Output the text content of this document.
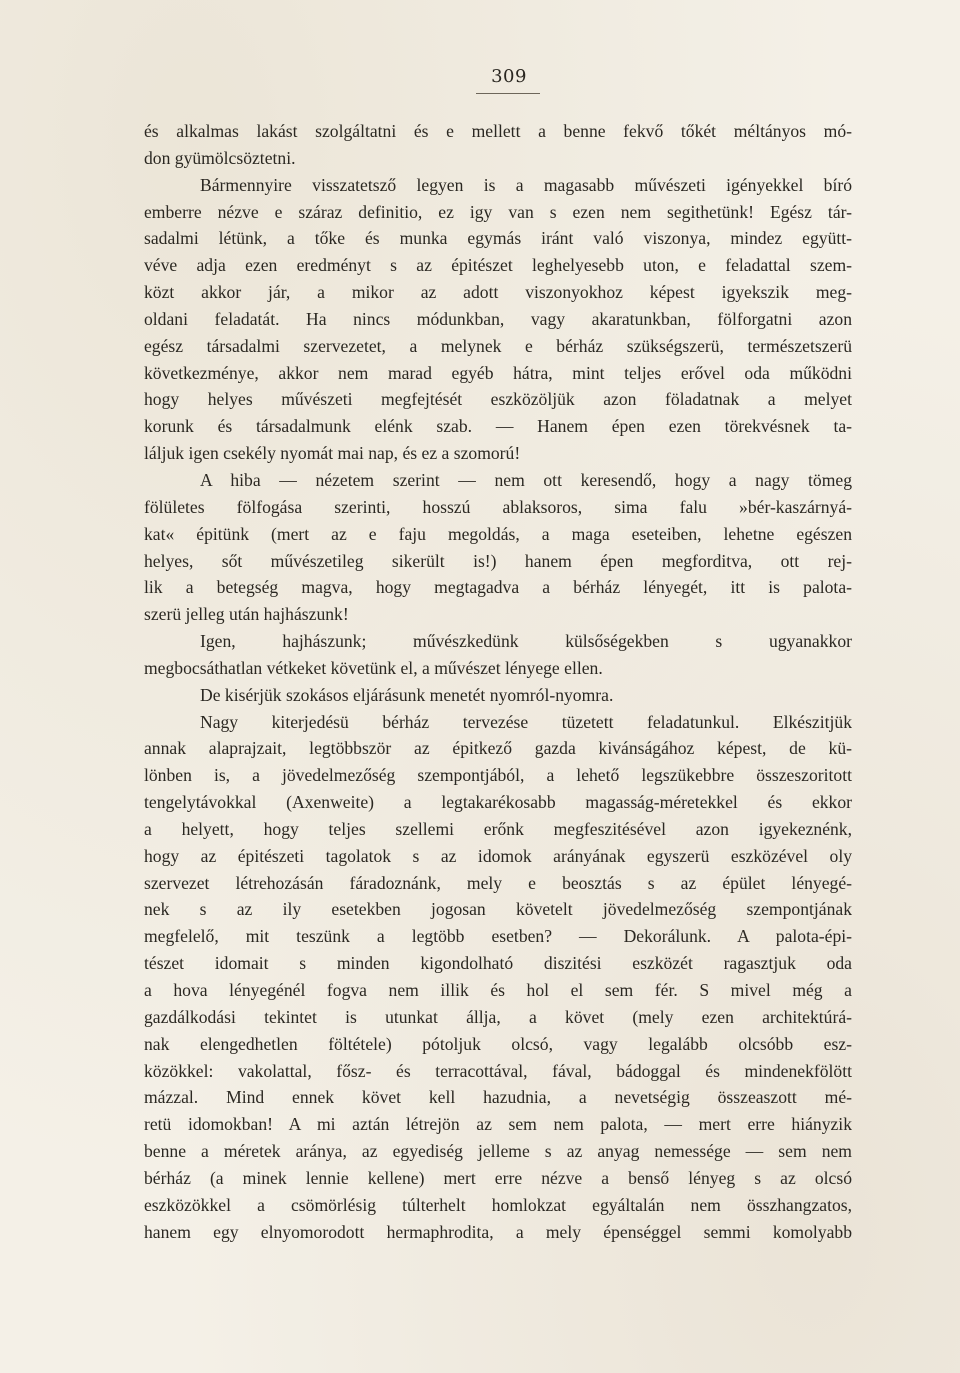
309
és alkalmas lakást szolgáltatni és e mellett a benne fekvő tőkét méltányos mó-
don gyümölcsöztetni.
Bármennyire visszatetsző legyen is a magasabb művészeti igényekkel bíró
emberre nézve e száraz definitio, ez igy van s ezen nem segithetünk! Egész tár-
sadalmi létünk, a tőke és munka egymás iránt való viszonya, mindez együtt-
véve adja ezen eredményt s az épitészet leghelyesebb uton, e feladattal szem-
közt akkor jár, a mikor az adott viszonyokhoz képest igyekszik meg-
oldani feladatát. Ha nincs módunkban, vagy akaratunkban, fölforgatni azon
egész társadalmi szervezetet, a melynek e bérház szükségszerü, természetszerü
következménye, akkor nem marad egyéb hátra, mint teljes erővel oda működni
hogy helyes művészeti megfejtését eszközöljük azon föladatnak a melyet
korunk és társadalmunk elénk szab. — Hanem épen ezen törekvésnek ta-
láljuk igen csekély nyomát mai nap, és ez a szomorú!
A hiba — nézetem szerint — nem ott keresendő, hogy a nagy tömeg
fölületes fölfogása szerinti, hosszú ablaksoros, sima falu »bér-kaszárnyá-
kat« épitünk (mert az e faju megoldás, a maga eseteiben, lehetne egészen
helyes, sőt művészetileg sikerült is!) hanem épen megforditva, ott rej-
lik a betegség magva, hogy megtagadva a bérház lényegét, itt is palota-
szerü jelleg után hajhászunk!
Igen, hajhászunk; művészkedünk külsőségekben s ugyanakkor
megbocsáthatlan vétkeket követünk el, a művészet lényege ellen.
De kisérjük szokásos eljárásunk menetét nyomról-nyomra.
Nagy kiterjedésü bérház tervezése tüzetett feladatunkul. Elkészitjük
annak alaprajzait, legtöbbször az épitkező gazda kivánságához képest, de kü-
lönben is, a jövedelmezőség szempontjából, a lehető legszükebbre összeszoritott
tengelytávokkal (Axenweite) a legtakarékosabb magasság-méretekkel és ekkor
a helyett, hogy teljes szellemi erőnk megfeszitésével azon igyekeznénk,
hogy az épitészeti tagolatok s az idomok arányának egyszerü eszközével oly
szervezet létrehozásán fáradoznánk, mely e beosztás s az épület lényegé-
nek s az ily esetekben jogosan követelt jövedelmezőség szempontjának
megfelelő, mit teszünk a legtöbb esetben? — Dekorálunk. A palota-épi-
tészet idomait s minden kigondolható diszitési eszközét ragasztjuk oda
a hova lényegénél fogva nem illik és hol el sem fér. S mivel még a
gazdálkodási tekintet is utunkat állja, a követ (mely ezen architektúrá-
nak elengedhetlen föltétele) pótoljuk olcsó, vagy legalább olcsóbb esz-
közökkel: vakolattal, fősz- és terracottával, fával, bádoggal és mindenekfölött
mázzal. Mind ennek követ kell hazudnia, a nevetségig összeaszott mé-
retü idomokban! A mi aztán létrejön az sem nem palota, — mert erre hiányzik
benne a méretek aránya, az egyediség jelleme s az anyag nemessége — sem nem
bérház (a minek lennie kellene) mert erre nézve a benső lényeg s az olcsó
eszközökkel a csömörlésig túlterhelt homlokzat egyáltalán nem összhangzatos,
hanem egy elnyomorodott hermaphrodita, a mely épenséggel semmi komolyabb
